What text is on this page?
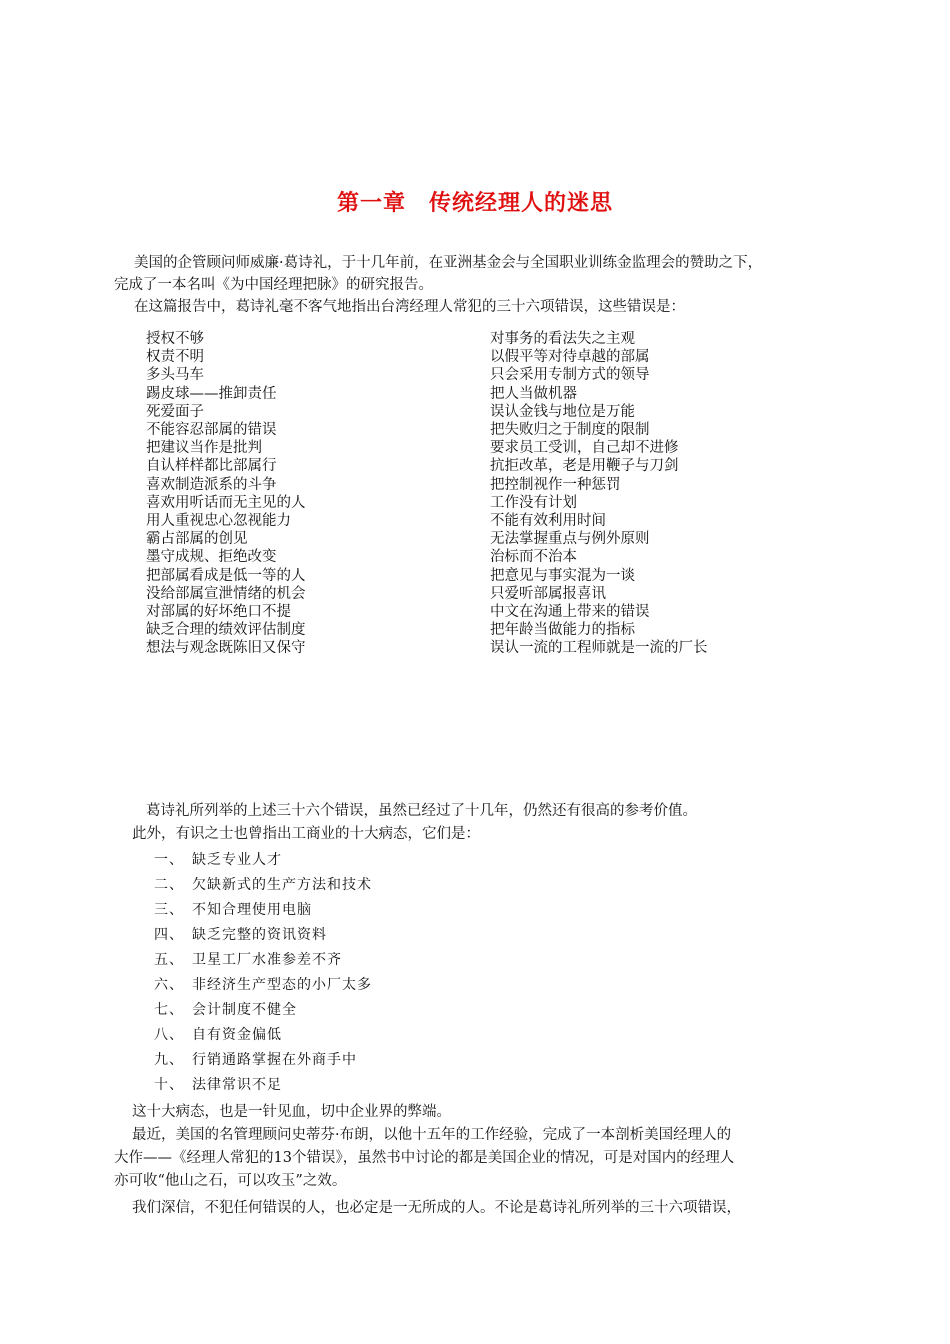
第一章　传统经理人的迷思
美国的企管顾问师威廉·葛诗礼，于十几年前，在亚洲基金会与全国职业训练金监理会的赞助之下，

完成了一本名叫《为中国经理把脉》的研究报告。
在这篇报告中，葛诗礼毫不客气地指出台湾经理人常犯的三十六项错误，这些错误是：
授权不够
权责不明
多头马车
踢皮球——推卸责任
死爱面子
不能容忍部属的错误
把建议当作是批判
自认样样都比部属行
喜欢制造派系的斗争
喜欢用听话而无主见的人
用人重视忠心忽视能力
霸占部属的创见
墨守成规、拒绝改变
把部属看成是低一等的人
没给部属宣泄情绪的机会
对部属的好坏绝口不提
缺乏合理的绩效评估制度
想法与观念既陈旧又保守
对事务的看法失之主观
以假平等对待卓越的部属
只会采用专制方式的领导
把人当做机器
误认金钱与地位是万能
把失败归之于制度的限制
要求员工受训，自己却不进修
抗拒改革，老是用鞭子与刀剑
把控制视作一种惩罚
工作没有计划
不能有效利用时间
无法掌握重点与例外原则
治标而不治本
把意见与事实混为一谈
只爱听部属报喜讯
中文在沟通上带来的错误
把年龄当做能力的指标
误认一流的工程师就是一流的厂长
葛诗礼所列举的上述三十六个错误，虽然已经过了十几年，仍然还有很高的参考价值。
此外，有识之士也曾指出工商业的十大病态，它们是：
一、 缺乏专业人才
二、 欠缺新式的生产方法和技术
三、 不知合理使用电脑
四、 缺乏完整的资讯资料
五、 卫星工厂水准参差不齐
六、 非经济生产型态的小厂太多
七、 会计制度不健全
八、 自有资金偏低
九、 行销通路掌握在外商手中
十、 法律常识不足
这十大病态，也是一针见血，切中企业界的弊端。
最近，美国的名管理顾问史蒂芬·布朗，以他十五年的工作经验，完成了一本剖析美国经理人的
大作——《经理人常犯的13个错误》，虽然书中讨论的都是美国企业的情况，可是对国内的经理人
亦可收“他山之石，可以攻玉”之效。
我们深信，不犯任何错误的人，也必定是一无所成的人。不论是葛诗礼所列举的三十六项错误，
